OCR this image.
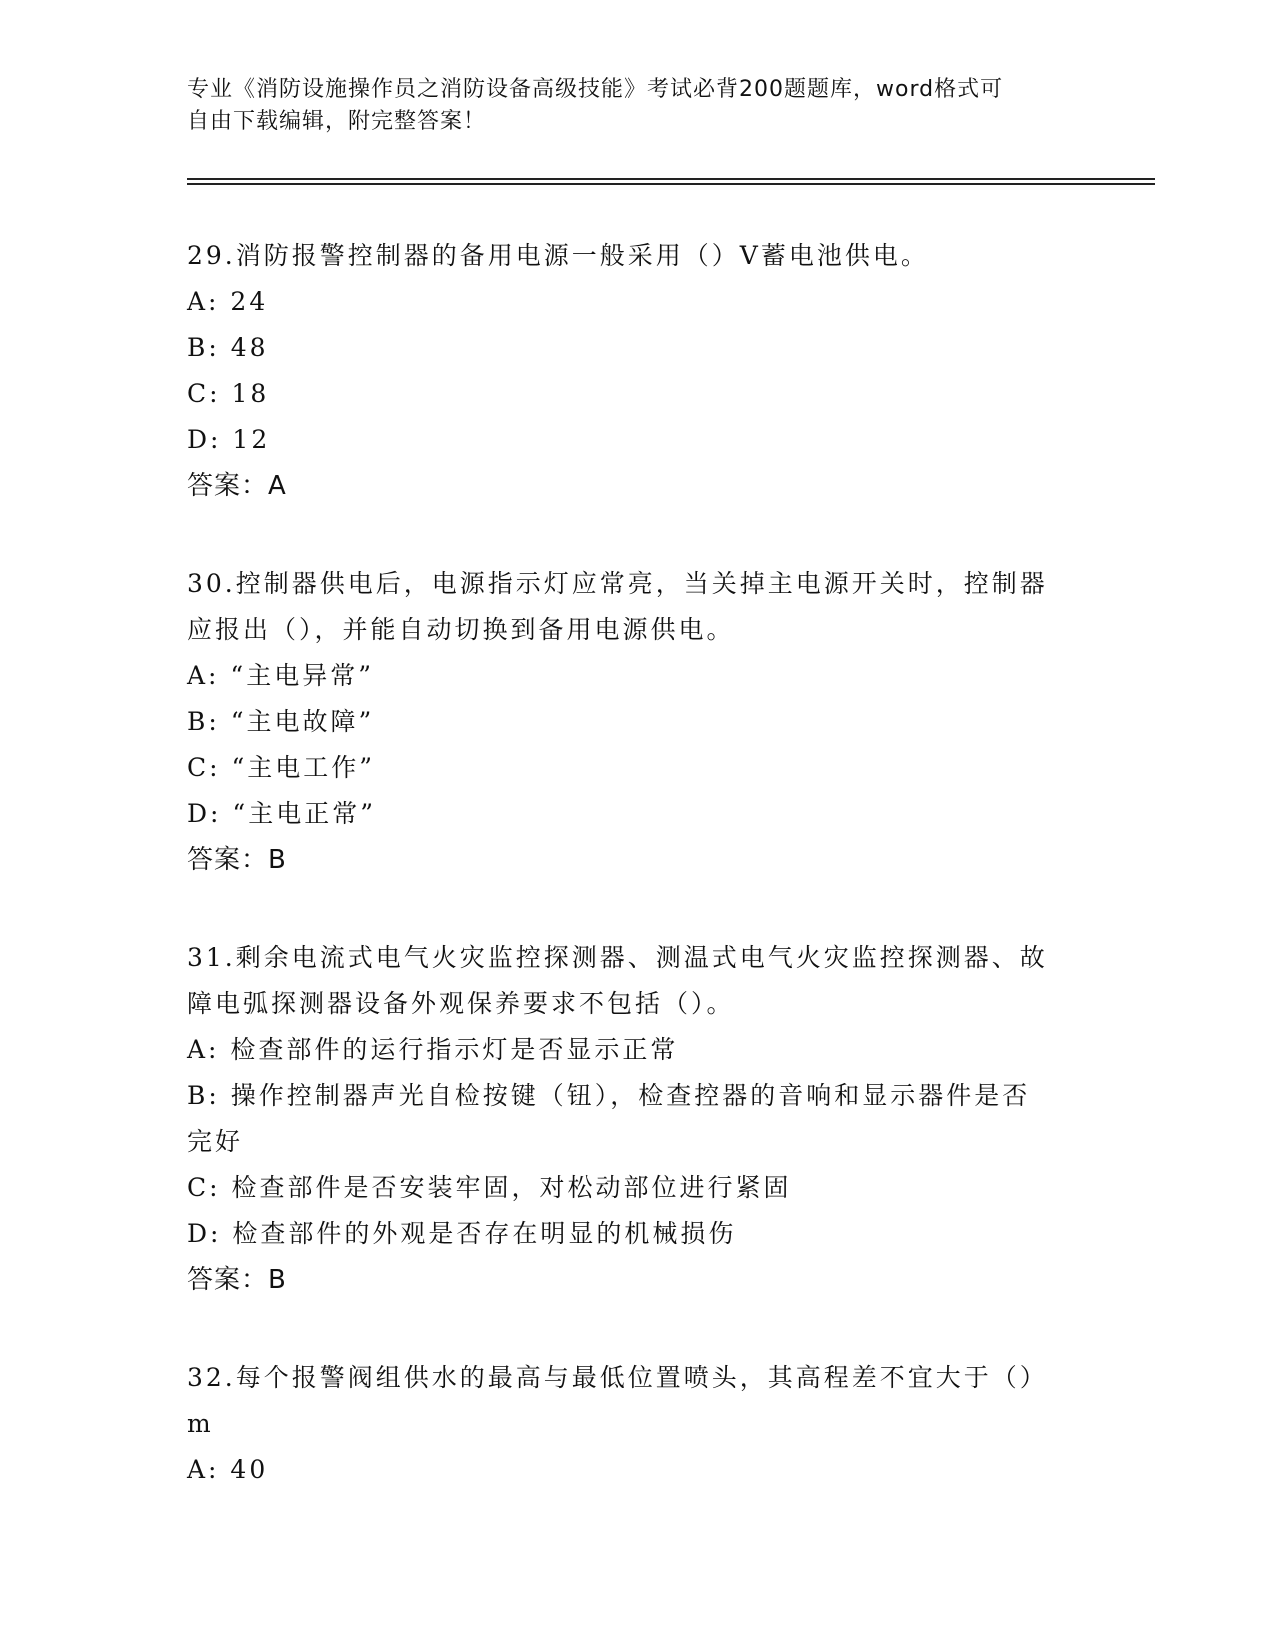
专业《消防设施操作员之消防设备高级技能》考试必背200题题库，word格式可
自由下载编辑，附完整答案！
29.消防报警控制器的备用电源一般采用（）V蓄电池供电。
A: 24
B: 48
C: 18
D: 12
答案：A
30.控制器供电后，电源指示灯应常亮，当关掉主电源开关时，控制器
应报出（），并能自动切换到备用电源供电。
A: “主电异常”
B: “主电故障”
C: “主电工作”
D: “主电正常”
答案：B
31.剩余电流式电气火灾监控探测器、测温式电气火灾监控探测器、故
障电弧探测器设备外观保养要求不包括（）。
A: 检查部件的运行指示灯是否显示正常
B: 操作控制器声光自检按键（钮），检查控器的音响和显示器件是否
完好
C: 检查部件是否安装牢固，对松动部位进行紧固
D: 检查部件的外观是否存在明显的机械损伤
答案：B
32.每个报警阀组供水的最高与最低位置喷头，其高程差不宜大于（）
m
A: 40
